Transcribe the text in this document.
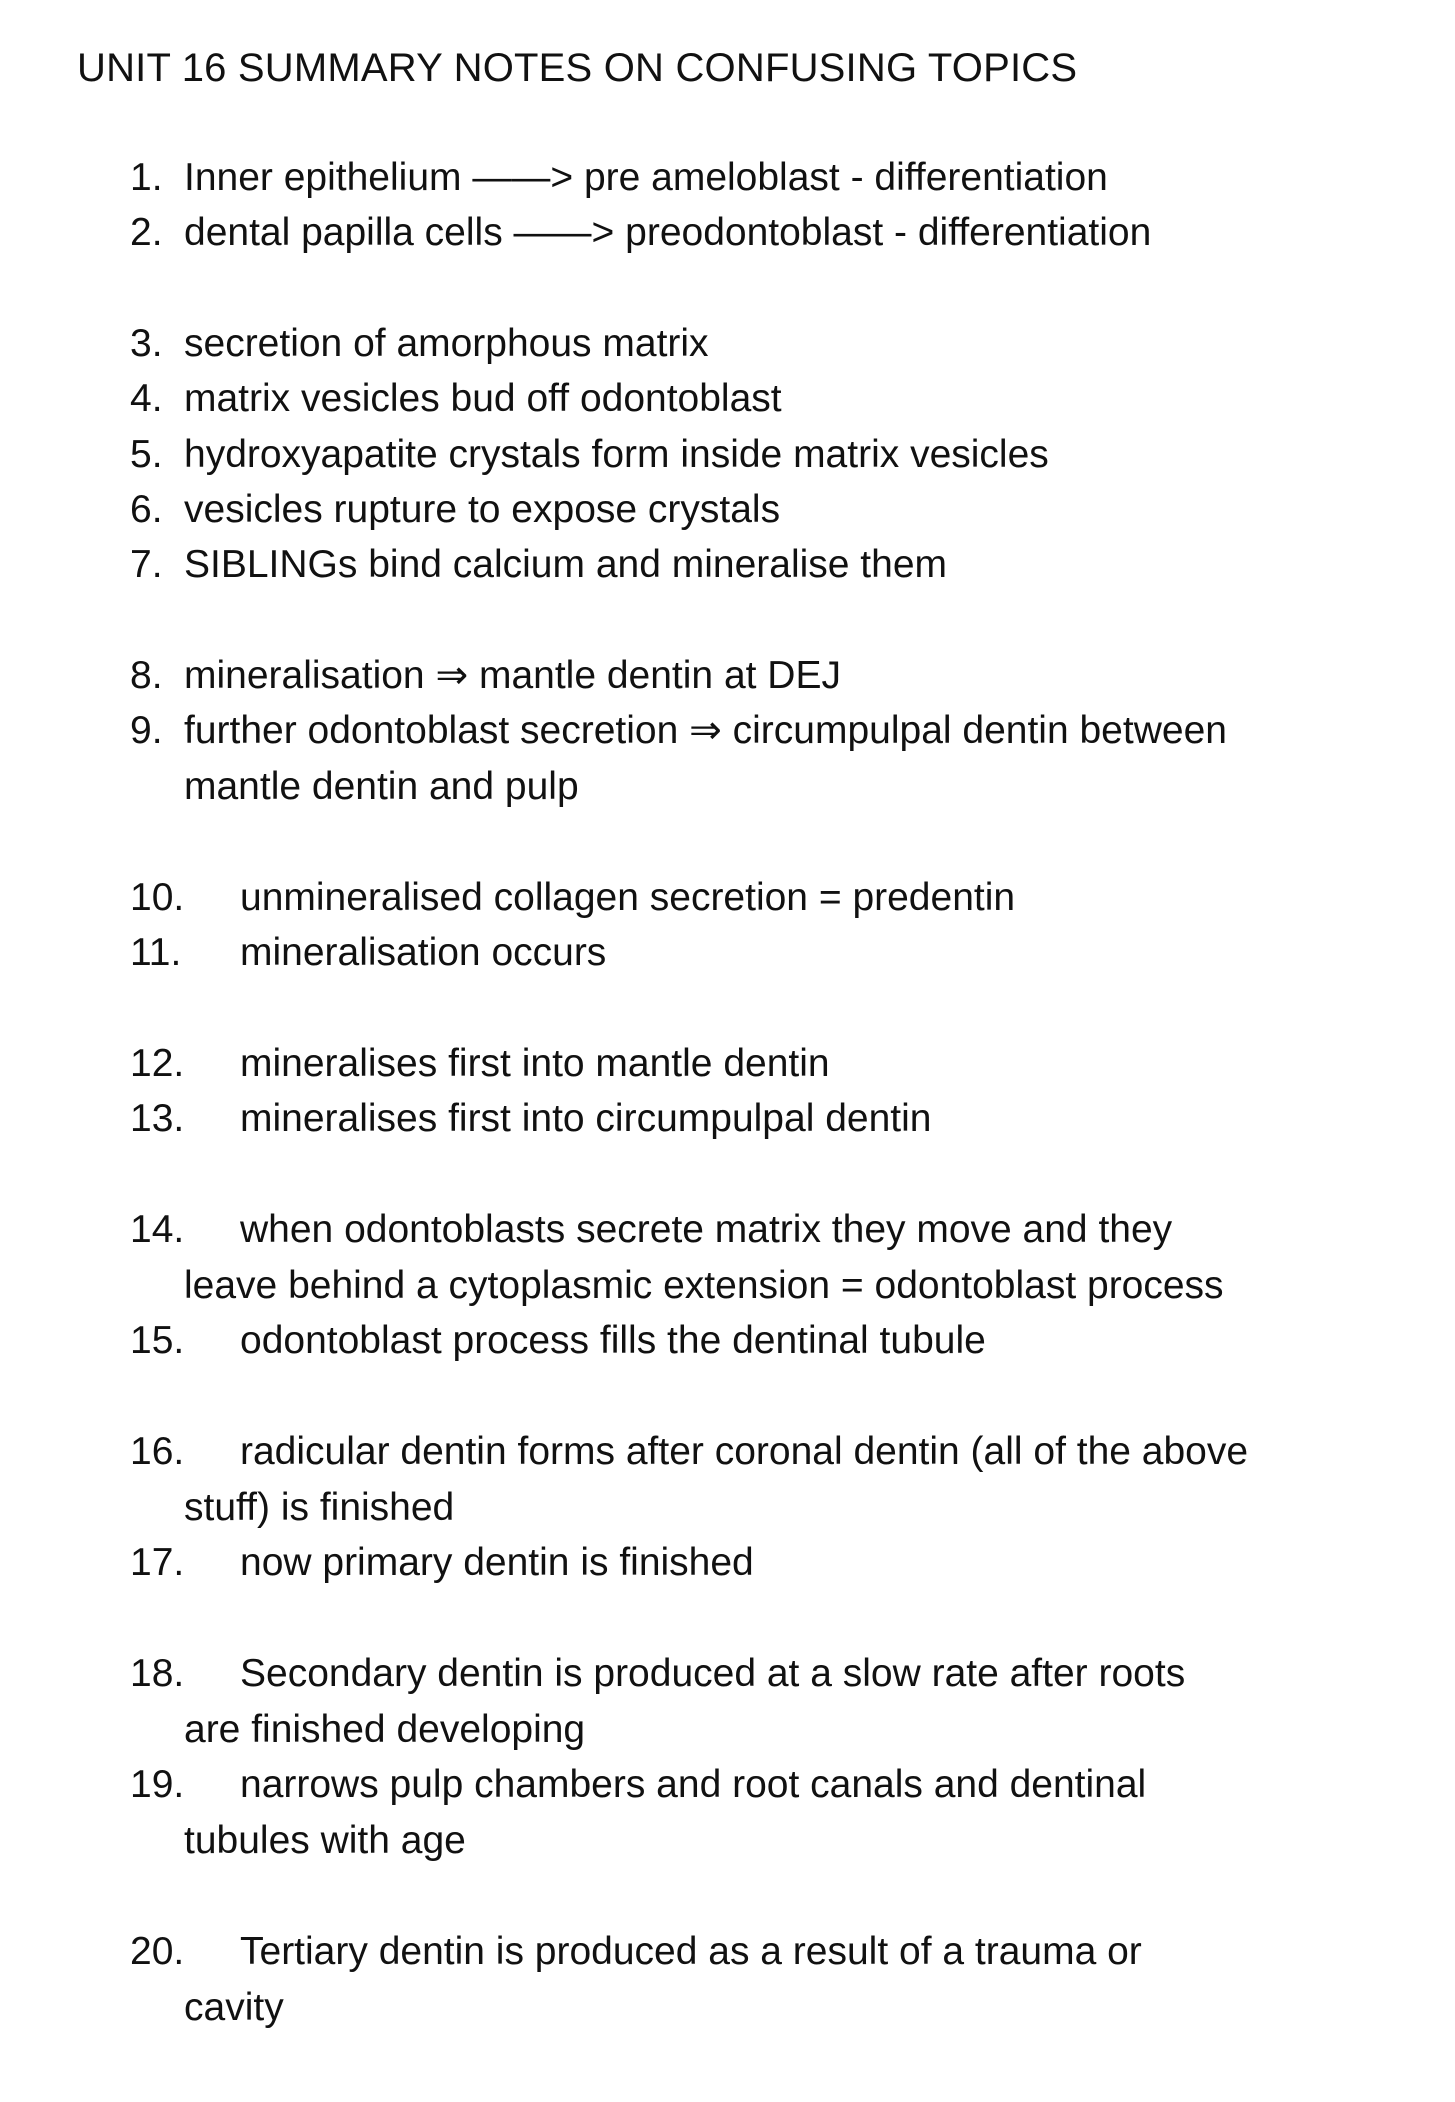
UNIT 16 SUMMARY NOTES ON CONFUSING TOPICS
1. Inner epithelium ——> pre ameloblast - differentiation
2. dental papilla cells ——> preodontoblast - differentiation
3. secretion of amorphous matrix
4. matrix vesicles bud off odontoblast
5. hydroxyapatite crystals form inside matrix vesicles
6. vesicles rupture to expose crystals
7. SIBLINGs bind calcium and mineralise them
8. mineralisation ⇒ mantle dentin at DEJ
9. further odontoblast secretion ⇒ circumpulpal dentin between
mantle dentin and pulp
10. unmineralised collagen secretion = predentin
11. mineralisation occurs
12. mineralises first into mantle dentin
13. mineralises first into circumpulpal dentin
14. when odontoblasts secrete matrix they move and they
leave behind a cytoplasmic extension = odontoblast process
15. odontoblast process fills the dentinal tubule
16. radicular dentin forms after coronal dentin (all of the above
stuff) is finished
17. now primary dentin is finished
18. Secondary dentin is produced at a slow rate after roots
are finished developing
19. narrows pulp chambers and root canals and dentinal
tubules with age
20. Tertiary dentin is produced as a result of a trauma or
cavity
